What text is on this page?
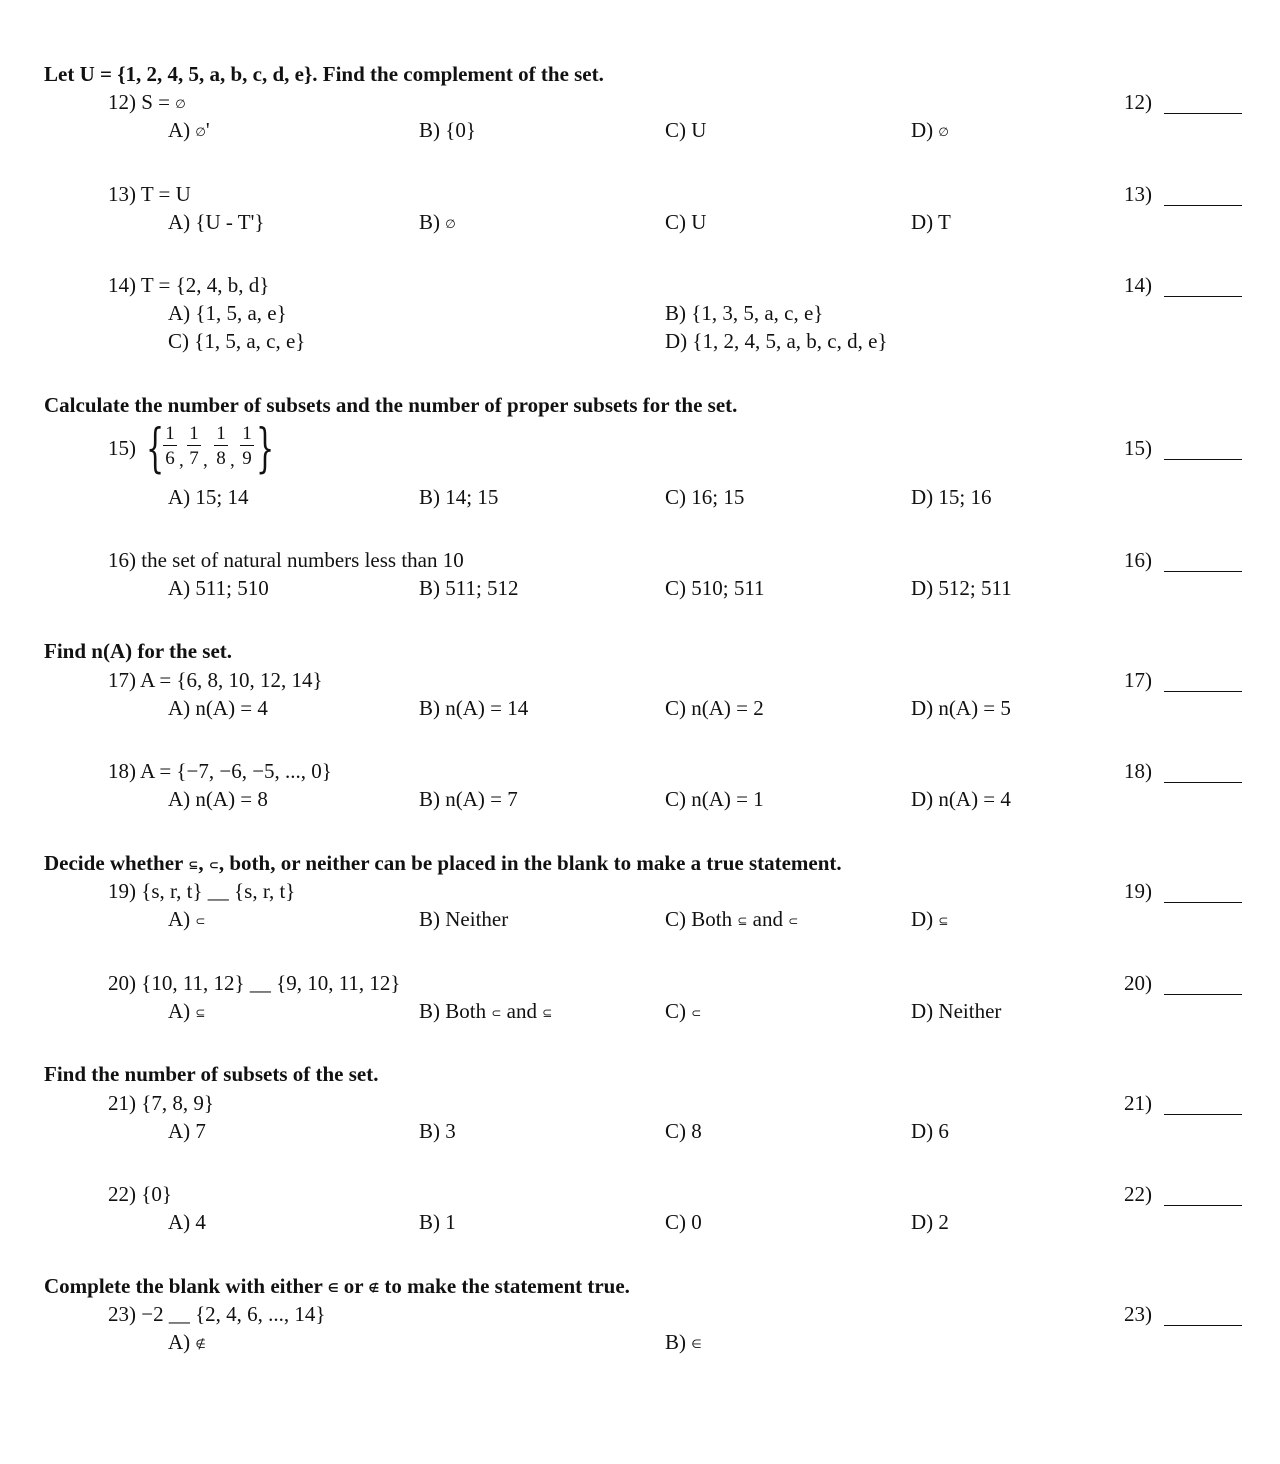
Let U = {1, 2, 4, 5, a, b, c, d, e}. Find the complement of the set.
12) S = ∅	12)
A) ∅'	B) {0}	C) U	D) ∅
13) T = U	13)
A) {U - T'}	B) ∅	C) U	D) T
14) T = {2, 4, b, d}	14)
A) {1, 5, a, e}	B) {1, 3, 5, a, c, e}
C) {1, 5, a, c, e}	D) {1, 2, 4, 5, a, b, c, d, e}
Calculate the number of subsets and the number of proper subsets for the set.
15) { 1
6 ,
1
7 ,
1
8 ,
1
9 }	15)
A) 15; 14	B) 14; 15	C) 16; 15	D) 15; 16
16) the set of natural numbers less than 10	16)
A) 511; 510	B) 511; 512	C) 510; 511	D) 512; 511
Find n(A) for the set.
17) A = {6, 8, 10, 12, 14}	17)
A) n(A) = 4	B) n(A) = 14	C) n(A) = 2	D) n(A) = 5
18) A = {−7, −6, −5, ..., 0}	18)
A) n(A) = 8	B) n(A) = 7	C) n(A) = 1	D) n(A) = 4
Decide whether ⊆, ⊂, both, or neither can be placed in the blank to make a true statement.
19) {s, r, t} __ {s, r, t}	19)
A) ⊂	B) Neither	C) Both ⊆ and ⊂	D) ⊆
20) {10, 11, 12} __ {9, 10, 11, 12}	20)
A) ⊆	B) Both ⊂ and ⊆	C) ⊂	D) Neither
Find the number of subsets of the set.
21) {7, 8, 9}	21)
A) 7	B) 3	C) 8	D) 6
22) {0}	22)
A) 4	B) 1	C) 0	D) 2
Complete the blank with either ∈ or ∉ to make the statement true.
23) −2 __ {2, 4, 6, ..., 14}	23)
A) ∉	B) ∈
